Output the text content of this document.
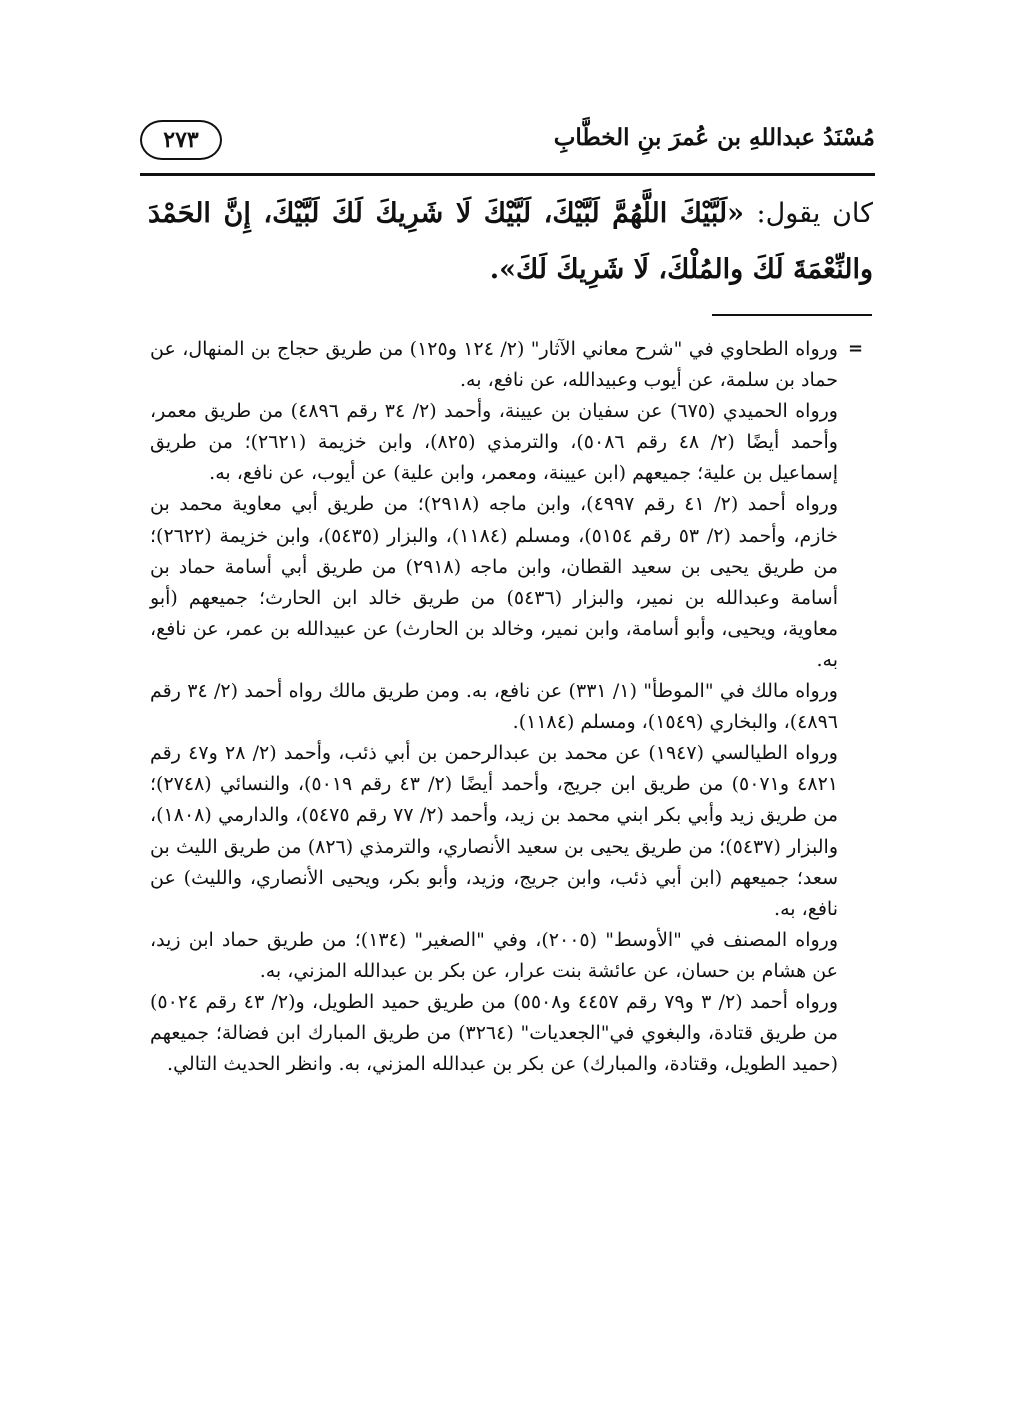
مُسْنَدُ عبداللهِ بن عُمرَ بنِ الخطَّابِ
٢٧٣
كان يقول: «لَبَّيْكَ اللَّهُمَّ لَبَّيْكَ، لَبَّيْكَ لَا شَرِيكَ لَكَ لَبَّيْكَ، إِنَّ الحَمْدَ والنِّعْمَةَ لَكَ والمُلْكَ، لَا شَرِيكَ لَكَ».
=

ورواه الطحاوي في "شرح معاني الآثار" (٢/ ١٢٤ و١٢٥) من طريق حجاج بن المنهال، عن حماد بن سلمة، عن أيوب وعبيدالله، عن نافع، به.

ورواه الحميدي (٦٧٥) عن سفيان بن عيينة، وأحمد (٢/ ٣٤ رقم ٤٨٩٦) من طريق معمر، وأحمد أيضًا (٢/ ٤٨ رقم ٥٠٨٦)، والترمذي (٨٢٥)، وابن خزيمة (٢٦٢١)؛ من طريق إسماعيل بن علية؛ جميعهم (ابن عيينة، ومعمر، وابن علية) عن أيوب، عن نافع، به.

ورواه أحمد (٢/ ٤١ رقم ٤٩٩٧)، وابن ماجه (٢٩١٨)؛ من طريق أبي معاوية محمد بن خازم، وأحمد (٢/ ٥٣ رقم ٥١٥٤)، ومسلم (١١٨٤)، والبزار (٥٤٣٥)، وابن خزيمة (٢٦٢٢)؛ من طريق يحيى بن سعيد القطان، وابن ماجه (٢٩١٨) من طريق أبي أسامة حماد بن أسامة وعبدالله بن نمير، والبزار (٥٤٣٦) من طريق خالد ابن الحارث؛ جميعهم (أبو معاوية، ويحيى، وأبو أسامة، وابن نمير، وخالد بن الحارث) عن عبيدالله بن عمر، عن نافع، به.

ورواه مالك في "الموطأ" (١/ ٣٣١) عن نافع، به. ومن طريق مالك رواه أحمد (٢/ ٣٤ رقم ٤٨٩٦)، والبخاري (١٥٤٩)، ومسلم (١١٨٤).

ورواه الطيالسي (١٩٤٧) عن محمد بن عبدالرحمن بن أبي ذئب، وأحمد (٢/ ٢٨ و٤٧ رقم ٤٨٢١ و٥٠٧١) من طريق ابن جريج، وأحمد أيضًا (٢/ ٤٣ رقم ٥٠١٩)، والنسائي (٢٧٤٨)؛ من طريق زيد وأبي بكر ابني محمد بن زيد، وأحمد (٢/ ٧٧ رقم ٥٤٧٥)، والدارمي (١٨٠٨)، والبزار (٥٤٣٧)؛ من طريق يحيى بن سعيد الأنصاري، والترمذي (٨٢٦) من طريق الليث بن سعد؛ جميعهم (ابن أبي ذئب، وابن جريج، وزيد، وأبو بكر، ويحيى الأنصاري، والليث) عن نافع، به.

ورواه المصنف في "الأوسط" (٢٠٠٥)، وفي "الصغير" (١٣٤)؛ من طريق حماد ابن زيد، عن هشام بن حسان، عن عائشة بنت عرار، عن بكر بن عبدالله المزني، به.

ورواه أحمد (٢/ ٣ و٧٩ رقم ٤٤٥٧ و٥٥٠٨) من طريق حميد الطويل، و(٢/ ٤٣ رقم ٥٠٢٤) من طريق قتادة، والبغوي في"الجعديات" (٣٢٦٤) من طريق المبارك ابن فضالة؛ جميعهم (حميد الطويل، وقتادة، والمبارك) عن بكر بن عبدالله المزني، به. وانظر الحديث التالي.
